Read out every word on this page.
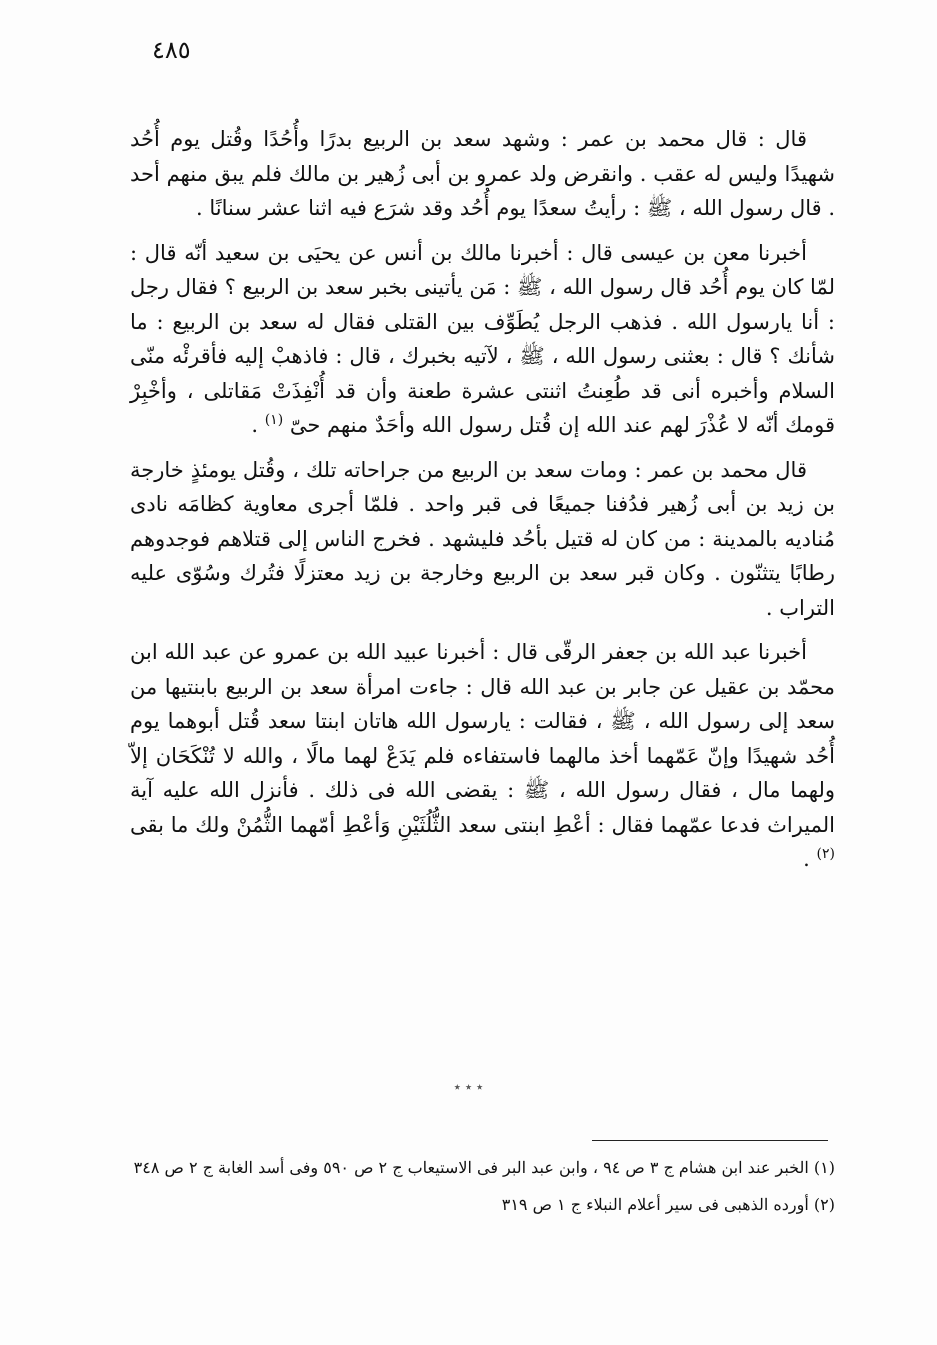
٤٨٥

قال : قال محمد بن عمر : وشهد سعد بن الربيع بدرًا وأُحُدًا وقُتل يوم أُحُد شهيدًا وليس له عقب . وانقرض ولد عمرو بن أبى زُهير بن مالك فلم يبق منهم أحد . قال رسول الله ، ﷺ : رأيتُ سعدًا يوم أُحُد وقد شرَع فيه اثنا عشر سنانًا .

أخبرنا معن بن عيسى قال : أخبرنا مالك بن أنس عن يحيَى بن سعيد أنّه قال : لمّا كان يوم أُحُد قال رسول الله ، ﷺ : مَن يأتينى بخبر سعد بن الربيع ؟ فقال رجل : أنا يارسول الله . فذهب الرجل يُطَوِّف بين القتلى فقال له سعد بن الربيع : ما شأنك ؟ قال : بعثنى رسول الله ، ﷺ ، لآتيه بخبرك ، قال : فاذهبْ إليه فأقرئْه منّى السلام وأخبره أنى قد طُعِنتُ اثنتى عشرة طعنة وأن قد أُنْفِذَتْ مَقاتلى ، وأخْبِرْ قومك أنّه لا عُذْرَ لهم عند الله إن قُتل رسول الله وأحَدٌ منهم حىّ $^{(١)}$ .

قال محمد بن عمر : ومات سعد بن الربيع من جراحاته تلك ، وقُتل يومئذٍ خارجة بن زيد بن أبى زُهير فدُفنا جميعًا فى قبر واحد . فلمّا أجرى معاوية كظامَه نادى مُناديه بالمدينة : من كان له قتيل بأحُد فليشهد . فخرج الناس إلى قتلاهم فوجدوهم رطابًا يتثنّون . وكان قبر سعد بن الربيع وخارجة بن زيد معتزلًا فتُرك وسُوّى عليه التراب .

أخبرنا عبد الله بن جعفر الرقّى قال : أخبرنا عبيد الله بن عمرو عن عبد الله ابن محمّد بن عقيل عن جابر بن عبد الله قال : جاءت امرأة سعد بن الربيع بابنتيها من سعد إلى رسول الله ، ﷺ ، فقالت : يارسول الله هاتان ابنتا سعد قُتل أبوهما يوم أُحُد شهيدًا وإنّ عَمّهما أخذ مالهما فاستفاءه فلم يَدَعْ لهما مالًا ، والله لا تُنْكَحَان إلاّ ولهما مال ، فقال رسول الله ، ﷺ : يقضى الله فى ذلك . فأنزل الله عليه آية الميراث فدعا عمّهما فقال : أعْطِ ابنتى سعد الثُّلُثَيْنِ وَأعْطِ أمّهما الثُّمُنْ ولك ما بقى $^{(٢)}$ .

٭ ٭ ٭

(١) الخبر عند ابن هشام ج ٣ ص ٩٤ ، وابن عبد البر فى الاستيعاب ج ٢ ص ٥٩٠ وفى أسد الغابة ج ٢ ص ٣٤٨

(٢) أورده الذهبى فى سير أعلام النبلاء ج ١ ص ٣١٩
